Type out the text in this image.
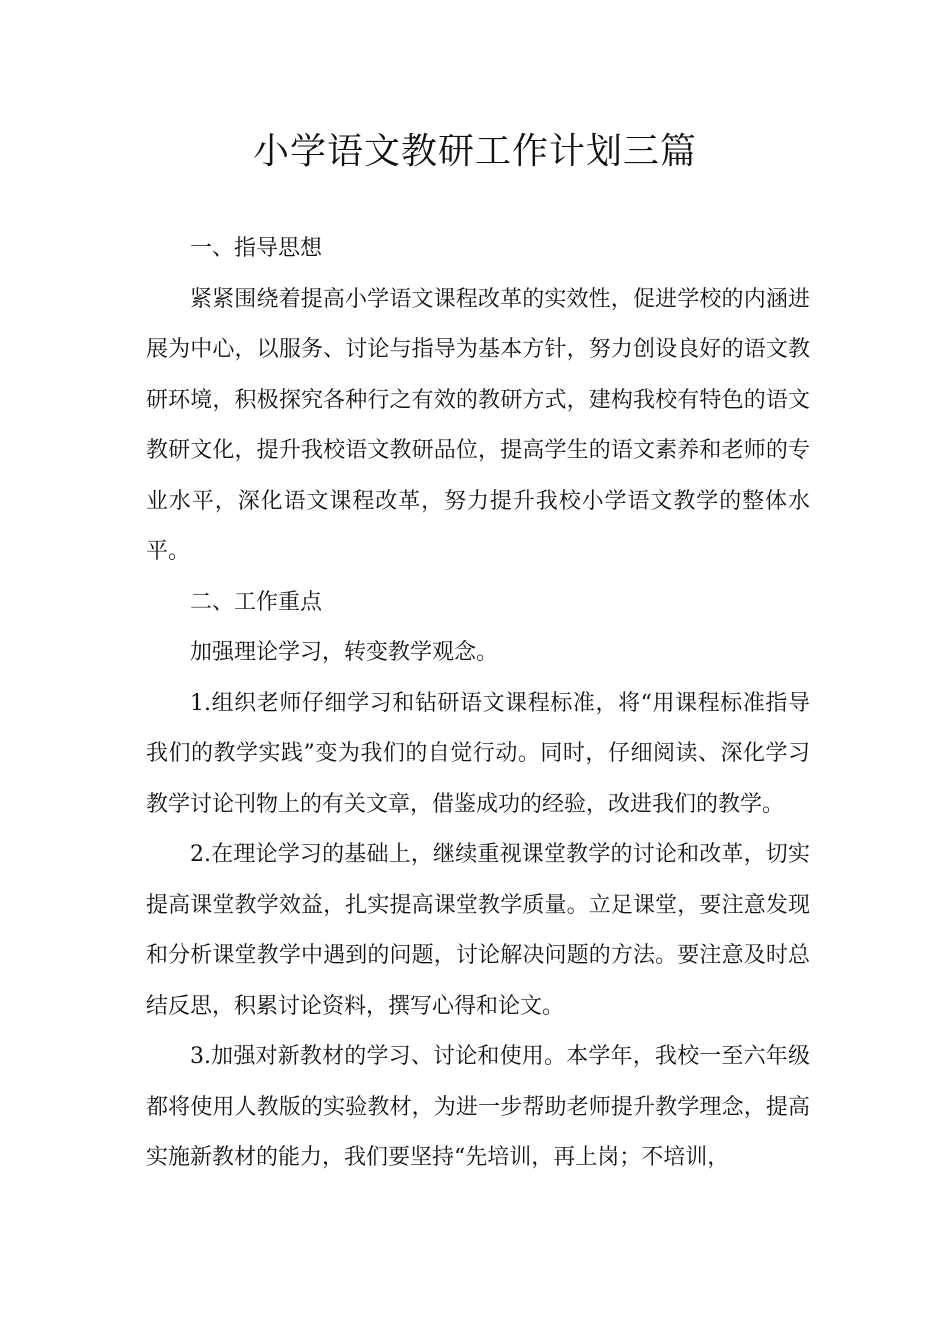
小学语文教研工作计划三篇

一、指导思想

紧紧围绕着提高小学语文课程改革的实效性，促进学校的内涵进展为中心，以服务、讨论与指导为基本方针，努力创设良好的语文教研环境，积极探究各种行之有效的教研方式，建构我校有特色的语文教研文化，提升我校语文教研品位，提高学生的语文素养和老师的专业水平，深化语文课程改革，努力提升我校小学语文教学的整体水平。

二、工作重点

加强理论学习，转变教学观念。

1.组织老师仔细学习和钻研语文课程标准，将“用课程标准指导我们的教学实践”变为我们的自觉行动。同时，仔细阅读、深化学习教学讨论刊物上的有关文章，借鉴成功的经验，改进我们的教学。

2.在理论学习的基础上，继续重视课堂教学的讨论和改革，切实提高课堂教学效益，扎实提高课堂教学质量。立足课堂，要注意发现和分析课堂教学中遇到的问题，讨论解决问题的方法。要注意及时总结反思，积累讨论资料，撰写心得和论文。

3.加强对新教材的学习、讨论和使用。本学年，我校一至六年级都将使用人教版的实验教材，为进一步帮助老师提升教学理念，提高实施新教材的能力，我们要坚持“先培训，再上岗；不培训，
